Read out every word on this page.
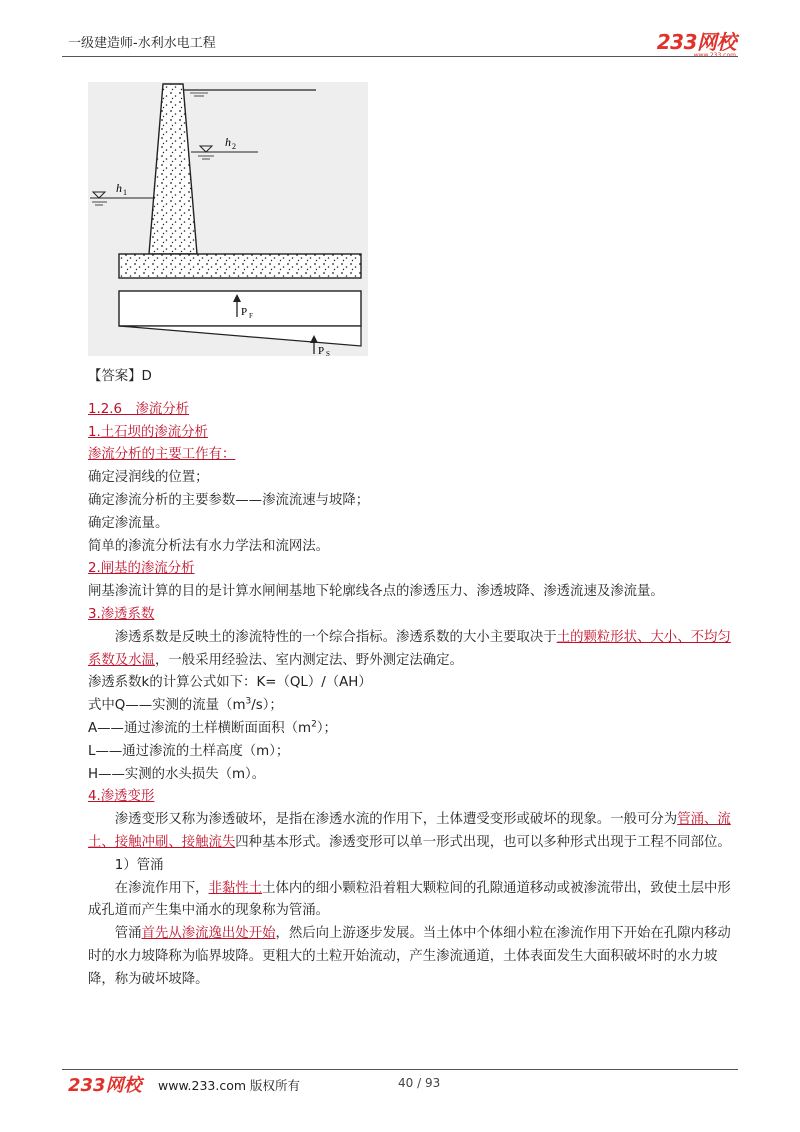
一级建造师-水利水电工程	233网校
h 2
h 1
P F
P S

【答案】D

1.2.6　渗流分析

1.土石坝的渗流分析

渗流分析的主要工作有：

确定浸润线的位置；

确定渗流分析的主要参数——渗流流速与坡降；

确定渗流量。

简单的渗流分析法有水力学法和流网法。

2.闸基的渗流分析

闸基渗流计算的目的是计算水闸闸基地下轮廓线各点的渗透压力、渗透坡降、渗透流速及渗流量。

3.渗透系数

渗透系数是反映土的渗流特性的一个综合指标。渗透系数的大小主要取决于土的颗粒形状、大小、不均匀系数及水温，一般采用经验法、室内测定法、野外测定法确定。

渗透系数k的计算公式如下：K=（QL）/（AH）

式中Q——实测的流量$(m^3/s)$；

A——通过渗流的土样横断面面积$(m^2)$；

L——通过渗流的土样高度（m）；

H——实测的水头损失（m）。

4.渗透变形

渗透变形又称为渗透破坏，是指在渗透水流的作用下，土体遭受变形或破坏的现象。一般可分为管涌、流土、接触冲刷、接触流失四种基本形式。渗透变形可以单一形式出现，也可以多种形式出现于工程不同部位。

1）管涌

在渗流作用下，非黏性土土体内的细小颗粒沿着粗大颗粒间的孔隙通道移动或被渗流带出，致使土层中形成孔道而产生集中涌水的现象称为管涌。

管涌首先从渗流逸出处开始，然后向上游逐步发展。当土体中个体细小粒在渗流作用下开始在孔隙内移动时的水力坡降称为临界坡降。更粗大的土粒开始流动，产生渗流通道，土体表面发生大面积破坏时的水力坡降，称为破坏坡降。

233网校 www.233.com 版权所有	40 / 93
